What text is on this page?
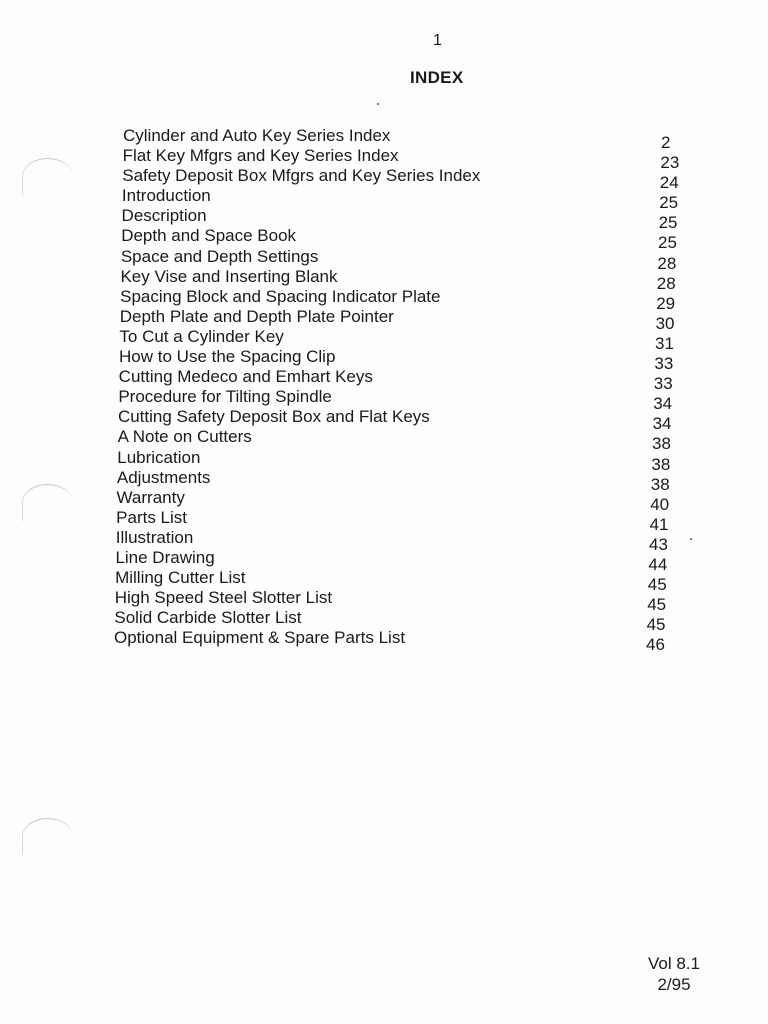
1
INDEX
Cylinder and Auto Key Series Index	2
Flat Key Mfgrs and Key Series Index	23
Safety Deposit Box Mfgrs and Key Series Index	24
Introduction	25
Description	25
Depth and Space Book	25
Space and Depth Settings	28
Key Vise and Inserting Blank	28
Spacing Block and Spacing Indicator Plate	29
Depth Plate and Depth Plate Pointer	30
To Cut a Cylinder Key	31
How to Use the Spacing Clip	33
Cutting Medeco and Emhart Keys	33
Procedure for Tilting Spindle	34
Cutting Safety Deposit Box and Flat Keys	34
A Note on Cutters	38
Lubrication	38
Adjustments	38
Warranty	40
Parts List	41
Illustration	43
Line Drawing	44
Milling Cutter List	45
High Speed Steel Slotter List	45
Solid Carbide Slotter List	45
Optional Equipment & Spare Parts List	46
Vol 8.1
2/95
